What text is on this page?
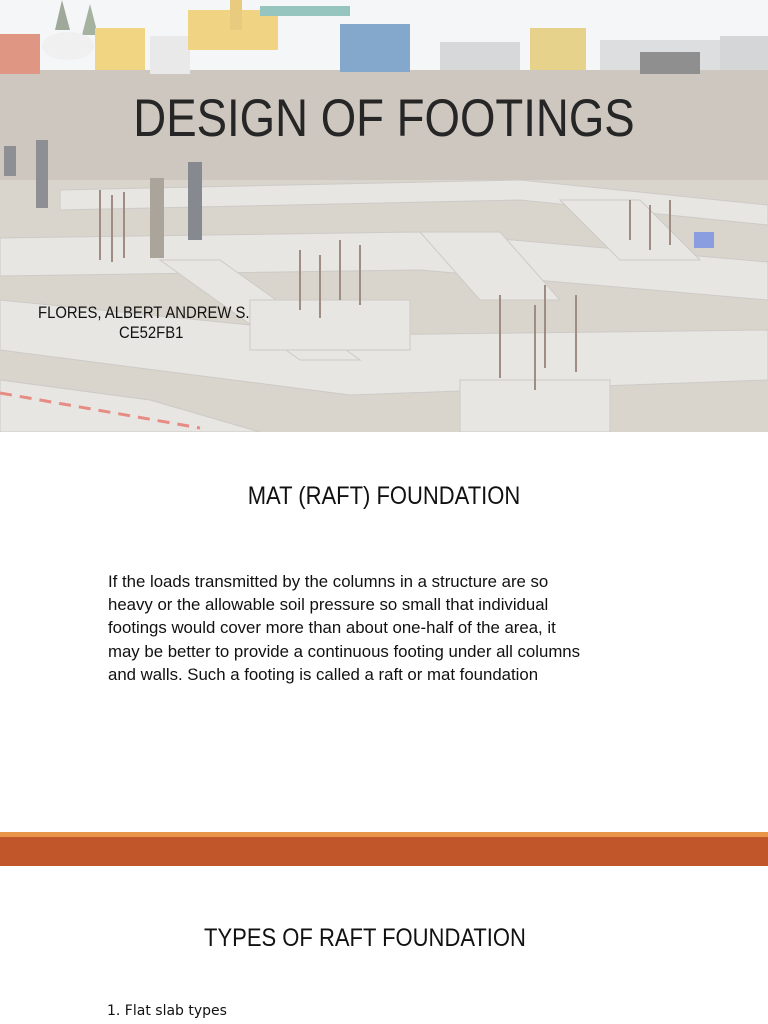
DESIGN OF FOOTINGS
FLORES, ALBERT ANDREW S.
CE52FB1
MAT (RAFT) FOUNDATION
If the loads transmitted by the columns in a structure are so
heavy or the allowable soil pressure so small that individual
footings would cover more than about one-half of the area, it
may be better to provide a continuous footing under all columns
and walls. Such a footing is called a raft or mat foundation
TYPES OF RAFT FOUNDATION
1. Flat slab types
